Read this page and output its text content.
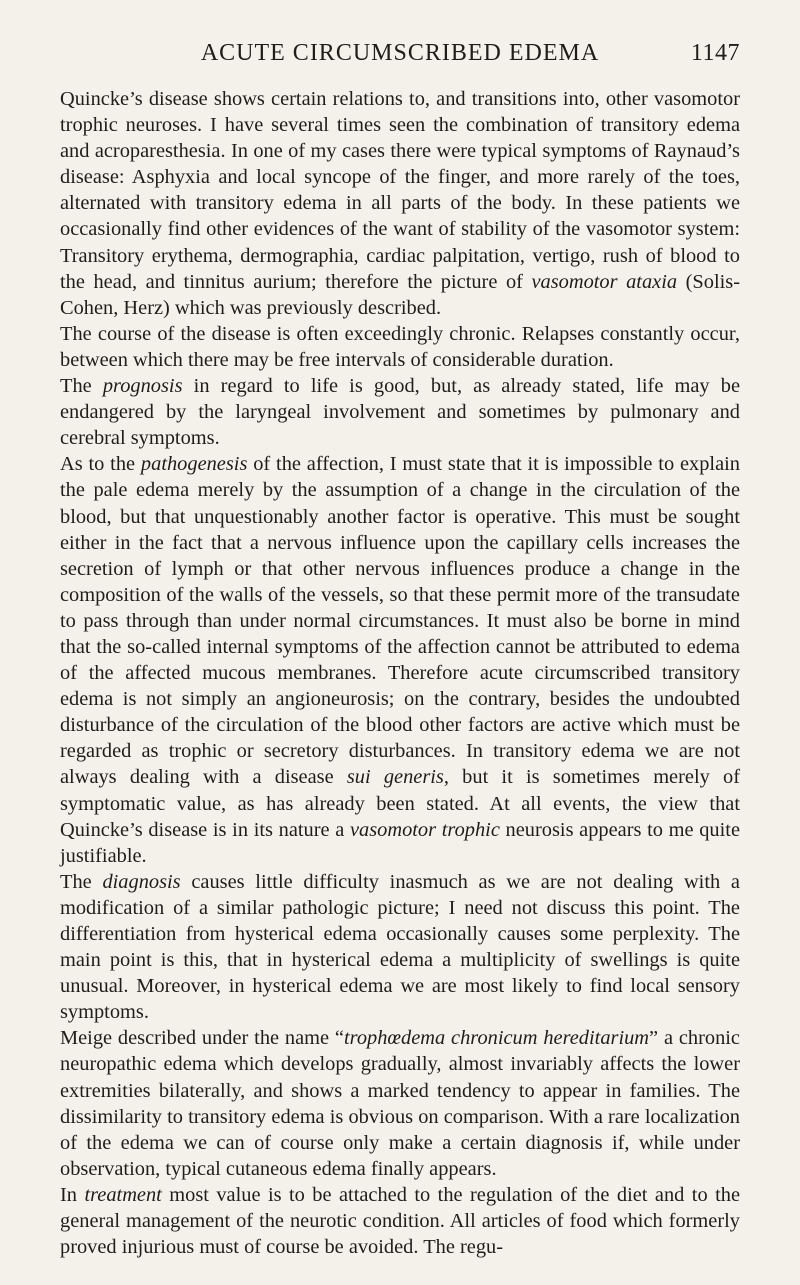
ACUTE CIRCUMSCRIBED EDEMA	1147

Quincke’s disease shows certain relations to, and transitions into, other vasomotor trophic neuroses. I have several times seen the combination of transitory edema and acroparesthesia. In one of my cases there were typical symptoms of Raynaud’s disease: Asphyxia and local syncope of the finger, and more rarely of the toes, alternated with transitory edema in all parts of the body. In these patients we occasionally find other evidences of the want of stability of the vasomotor system: Transitory erythema, dermographia, cardiac palpitation, vertigo, rush of blood to the head, and tinnitus aurium; therefore the picture of vasomotor ataxia (Solis-Cohen, Herz) which was previously described.

The course of the disease is often exceedingly chronic. Relapses constantly occur, between which there may be free intervals of considerable duration.

The prognosis in regard to life is good, but, as already stated, life may be endangered by the laryngeal involvement and sometimes by pulmonary and cerebral symptoms.

As to the pathogenesis of the affection, I must state that it is impossible to explain the pale edema merely by the assumption of a change in the circulation of the blood, but that unquestionably another factor is operative. This must be sought either in the fact that a nervous influence upon the capillary cells increases the secretion of lymph or that other nervous influences produce a change in the composition of the walls of the vessels, so that these permit more of the transudate to pass through than under normal circumstances. It must also be borne in mind that the so-called internal symptoms of the affection cannot be attributed to edema of the affected mucous membranes. Therefore acute circumscribed transitory edema is not simply an angioneurosis; on the contrary, besides the undoubted disturbance of the circulation of the blood other factors are active which must be regarded as trophic or secretory disturbances. In transitory edema we are not always dealing with a disease sui generis, but it is sometimes merely of symptomatic value, as has already been stated. At all events, the view that Quincke’s disease is in its nature a vasomotor trophic neurosis appears to me quite justifiable.

The diagnosis causes little difficulty inasmuch as we are not dealing with a modification of a similar pathologic picture; I need not discuss this point. The differentiation from hysterical edema occasionally causes some perplexity. The main point is this, that in hysterical edema a multiplicity of swellings is quite unusual. Moreover, in hysterical edema we are most likely to find local sensory symptoms.

Meige described under the name “trophœdema chronicum hereditarium” a chronic neuropathic edema which develops gradually, almost invariably affects the lower extremities bilaterally, and shows a marked tendency to appear in families. The dissimilarity to transitory edema is obvious on comparison. With a rare localization of the edema we can of course only make a certain diagnosis if, while under observation, typical cutaneous edema finally appears.

In treatment most value is to be attached to the regulation of the diet and to the general management of the neurotic condition. All articles of food which formerly proved injurious must of course be avoided. The regu-
